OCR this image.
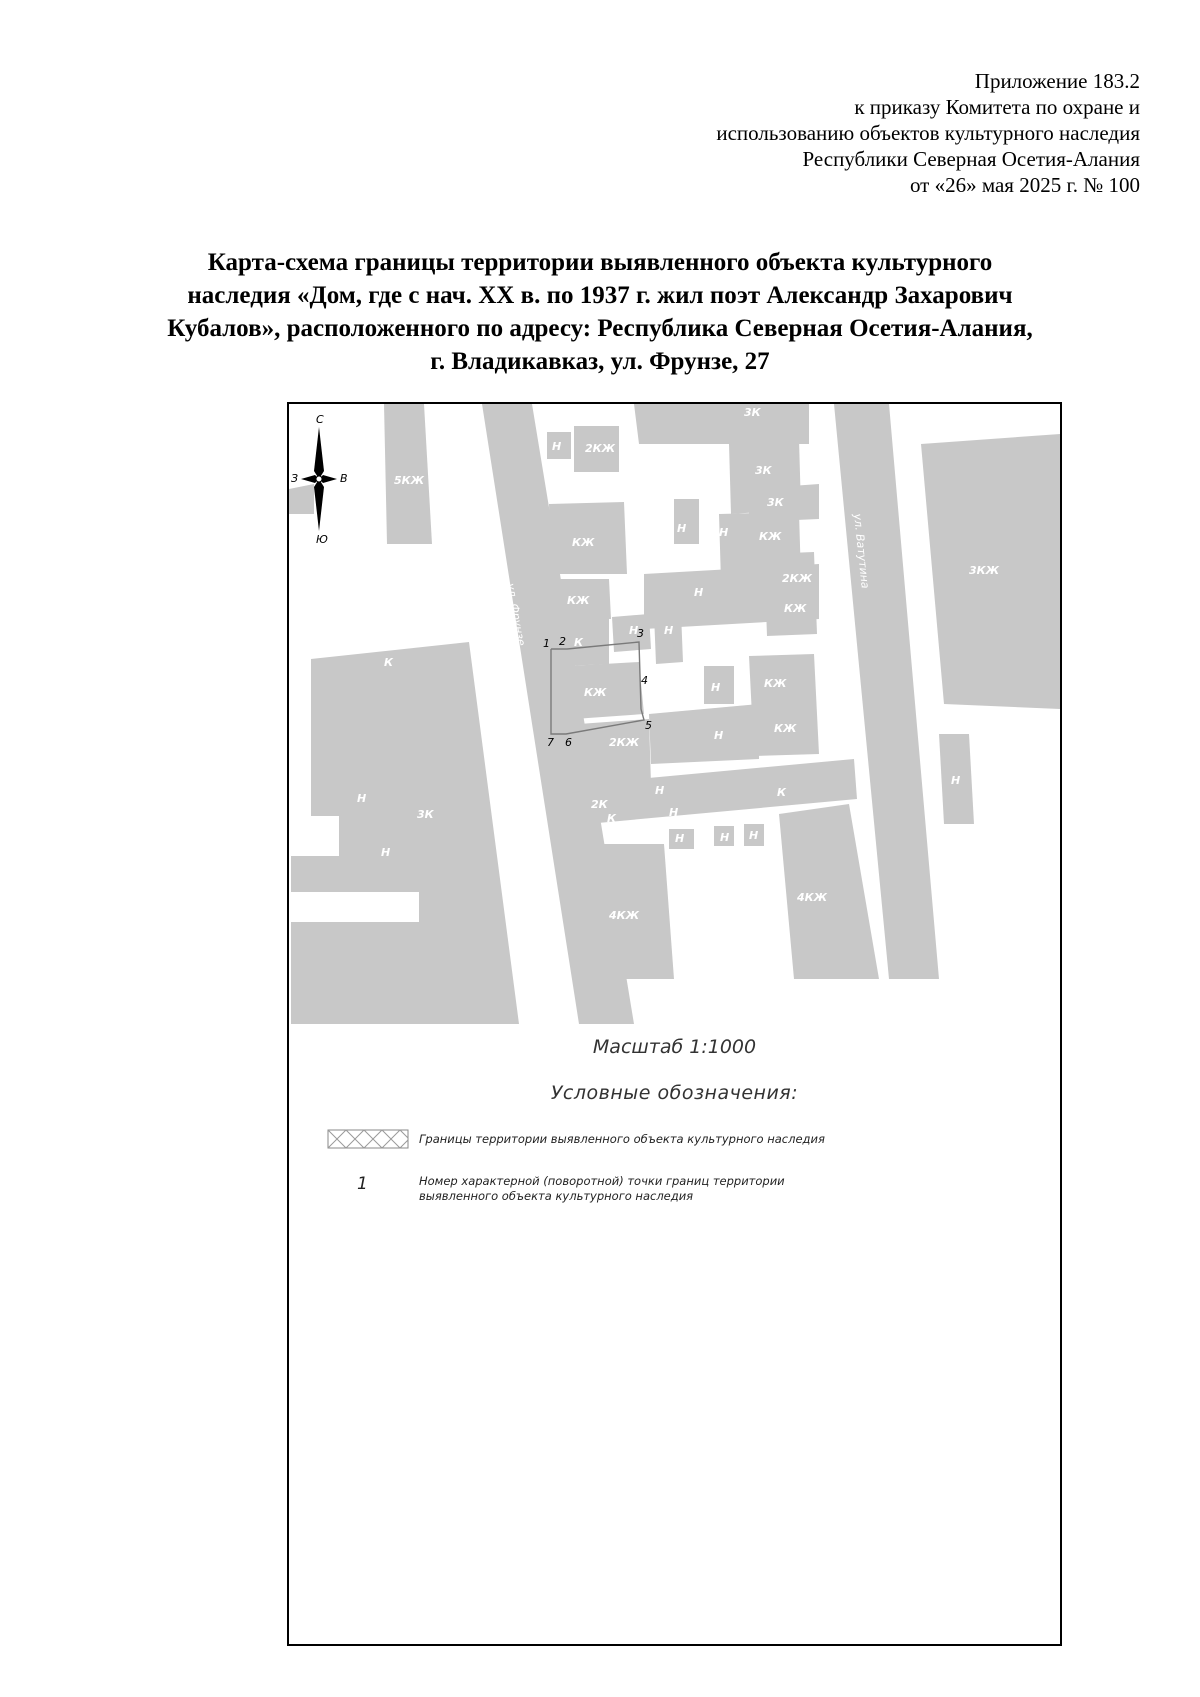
Приложение 183.2
к приказу Комитета по охране и
использованию объектов культурного наследия
Республики Северная Осетия-Алания
от «26» мая 2025 г. № 100
Карта-схема границы территории выявленного объекта культурного
наследия «Дом, где с нач. XX в. по 1937 г. жил поэт Александр Захарович
Кубалов», расположенного по адресу: Республика Северная Осетия-Алания,
г. Владикавказ, ул. Фрунзе, 27
3К
Н 2КЖ
5КЖ
3К
3К
Н
КЖ
Н	КЖ
2КЖ
3КЖ
КЖ
Н
КЖ
К
Н Н
К
КЖ	Н	Н	КЖ
Н
2КЖ
КЖ
Н
3К
2К
Н	К
К	Н
Н	Н Н
Н
4КЖ
4КЖ
Н
ул. Фрунзе
ул. Ватутина
1 2
3
4
5
6
7
С
Ю
З	В
Масштаб 1:1000
Условные обозначения:
Границы территории выявленного объекта культурного наследия
1	Номер характерной (поворотной) точки границ территории
выявленного объекта культурного наследия
